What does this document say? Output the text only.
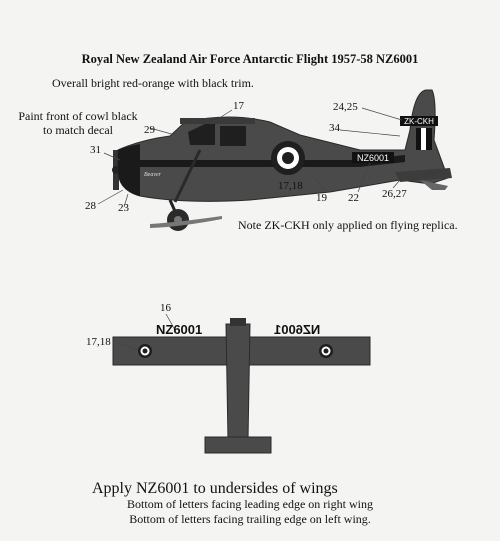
Royal New Zealand Air Force Antarctic Flight 1957-58 NZ6001
Overall bright red-orange with black trim.
Paint front of cowl black to match decal
NZ6001
ZK-CKH
Beaver
NZ6001	NZ6001
17	24,25
34
29
31
28 23
17,18
19 22 26,27
Note ZK-CKH only applied on flying replica.
16
17,18
Apply NZ6001 to undersides of wings
Bottom of letters facing leading edge on right wing
Bottom of letters facing trailing edge on left wing.
